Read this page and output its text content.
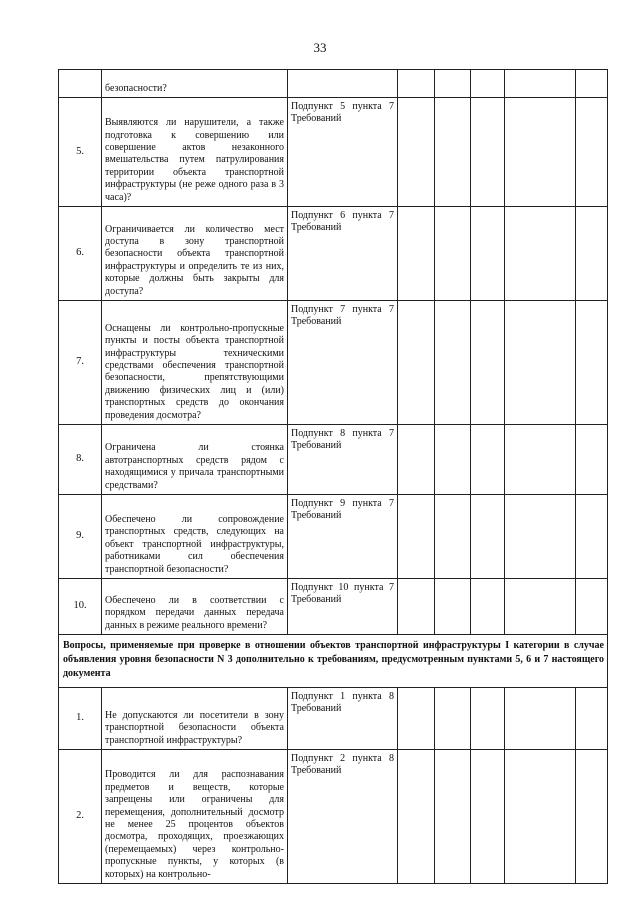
33
	безопасности?						
5.	Выявляются ли нарушители, а также подготовка к совершению или совершение актов незаконного вмешательства путем патрулирования территории объекта транспортной инфраструктуры (не реже одного раза в 3 часа)?	Подпункт 5 пункта 7 Требований					
6.	Ограничивается ли количество мест доступа в зону транспортной безопасности объекта транспортной инфраструктуры и определить те из них, которые должны быть закрыты для доступа?	Подпункт 6 пункта 7 Требований					
7.	Оснащены ли контрольно-пропускные пункты и посты объекта транспортной инфраструктуры техническими средствами обеспечения транспортной безопасности, препятствующими движению физических лиц и (или) транспортных средств до окончания проведения досмотра?	Подпункт 7 пункта 7 Требований					
8.	Ограничена ли стоянка автотранспортных средств рядом с находящимися у причала транспортными средствами?	Подпункт 8 пункта 7 Требований					
9.	Обеспечено ли сопровождение транспортных средств, следующих на объект транспортной инфраструктуры, работниками сил обеспечения транспортной безопасности?	Подпункт 9 пункта 7 Требований					
10.	Обеспечено ли в соответствии с порядком передачи данных передача данных в режиме реального времени?	Подпункт 10 пункта 7 Требований					
Вопросы, применяемые при проверке в отношении объектов транспортной инфраструктуры I категории в случае объявления уровня безопасности N 3 дополнительно к требованиям, предусмотренным пунктами 5, 6 и 7 настоящего документа							
1.	Не допускаются ли посетители в зону транспортной безопасности объекта транспортной инфраструктуры?	Подпункт 1 пункта 8 Требований					
2.	Проводится ли для распознавания предметов и веществ, которые запрещены или ограничены для перемещения, дополнительный досмотр не менее 25 процентов объектов досмотра, проходящих, проезжающих (перемещаемых) через контрольно-пропускные пункты, у которых (в которых) на контрольно-	Подпункт 2 пункта 8 Требований					
